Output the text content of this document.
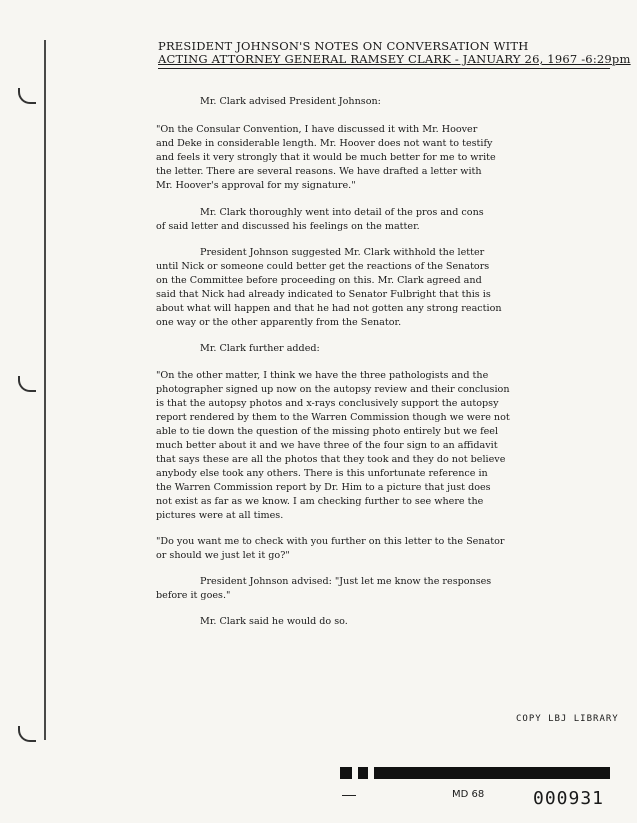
PRESIDENT JOHNSON'S NOTES ON CONVERSATION WITH
ACTING ATTORNEY GENERAL RAMSEY CLARK - JANUARY 26, 1967 -6:29pm
Mr. Clark advised President Johnson:
"On the Consular Convention, I have discussed it with Mr. Hoover
and Deke in considerable length. Mr. Hoover does not want to testify
and feels it very strongly that it would be much better for me to write
the letter. There are several reasons. We have drafted a letter with
Mr. Hoover's approval for my signature."
Mr. Clark thoroughly went into detail of the pros and cons
of said letter and discussed his feelings on the matter.
President Johnson suggested Mr. Clark withhold the letter
until Nick or someone could better get the reactions of the Senators
on the Committee before proceeding on this. Mr. Clark agreed and
said that Nick had already indicated to Senator Fulbright that this is
about what will happen and that he had not gotten any strong reaction
one way or the other apparently from the Senator.
Mr. Clark further added:
"On the other matter, I think we have the three pathologists and the
photographer signed up now on the autopsy review and their conclusion
is that the autopsy photos and x-rays conclusively support the autopsy
report rendered by them to the Warren Commission though we were not
able to tie down the question of the missing photo entirely but we feel
much better about it and we have three of the four sign to an affidavit
that says these are all the photos that they took and they do not believe
anybody else took any others. There is this unfortunate reference in
the Warren Commission report by Dr. Him to a picture that just does
not exist as far as we know. I am checking further to see where the
pictures were at all times.
"Do you want me to check with you further on this letter to the Senator
or should we just let it go?"
President Johnson advised: "Just let me know the responses
before it goes."
Mr. Clark said he would do so.
COPY LBJ LIBRARY
MD 68	000931
